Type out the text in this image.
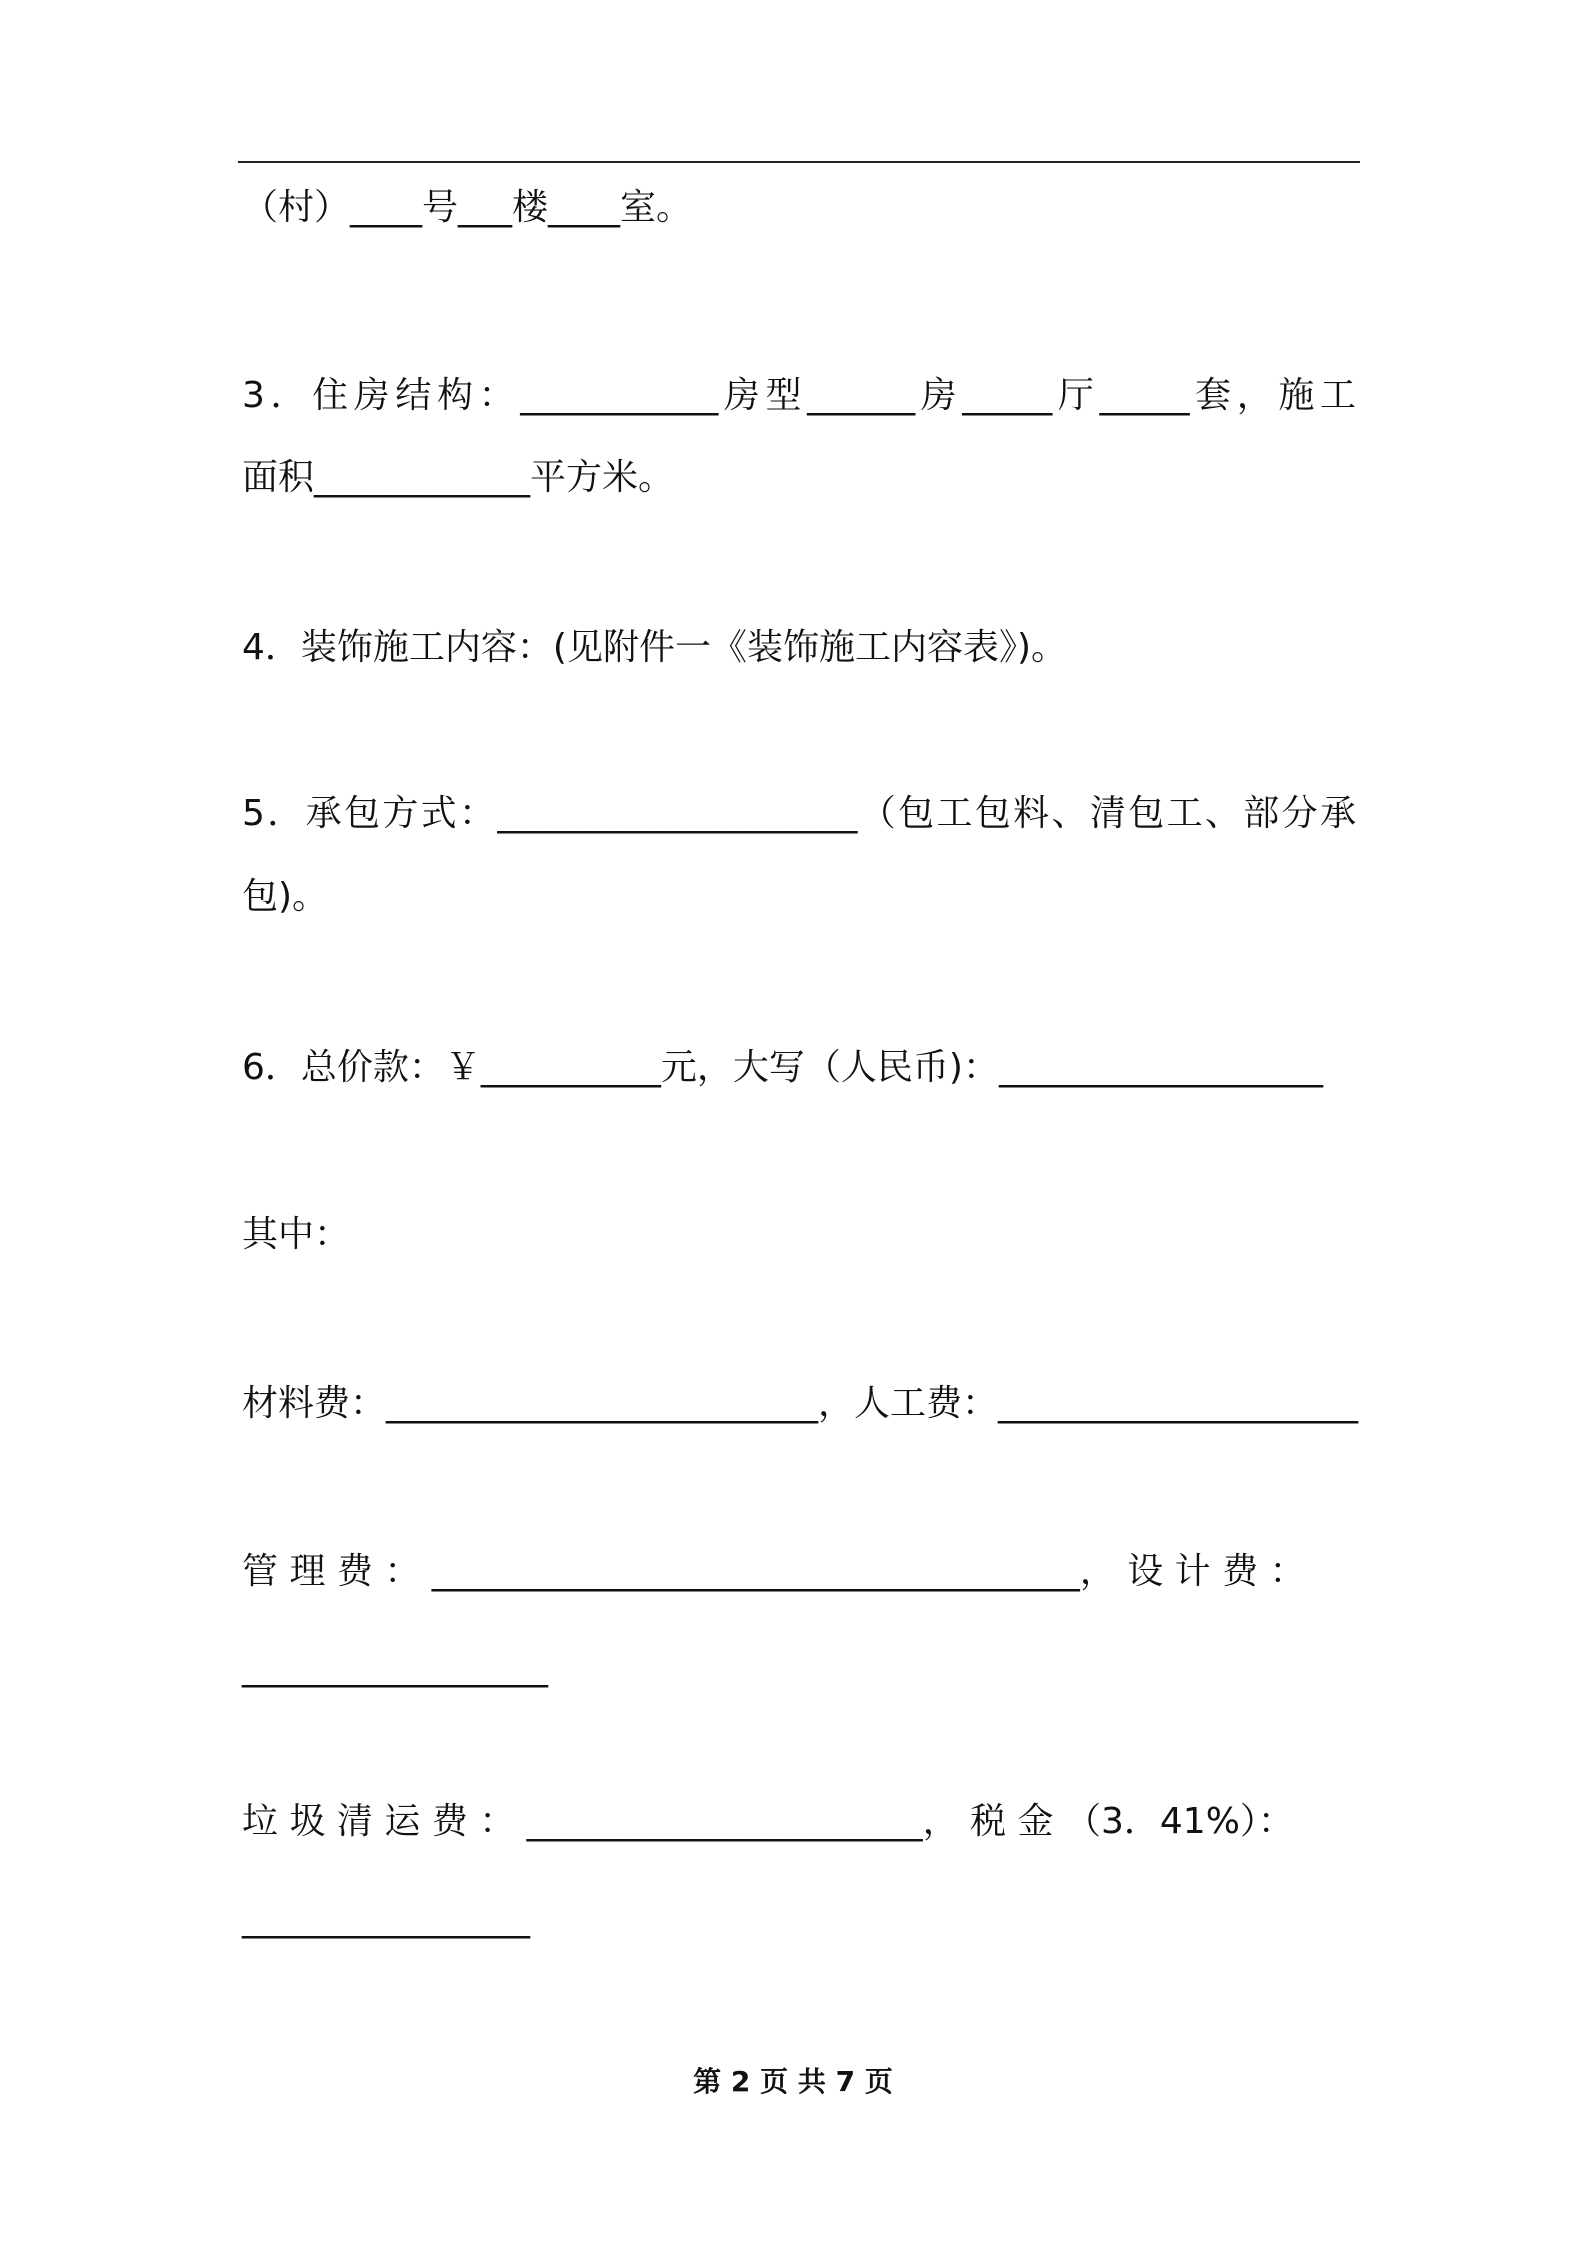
（村）____号___楼____室。

3．住房结构：___________房型______房_____厅_____套，施工

面积____________平方米。

4．装饰施工内容：(见附件一《装饰施工内容表》)。

5．承包方式：____________________（包工包料、清包工、部分承

包)。

6．总价款：￥__________元，大写（人民币)：__________________

其中：

材料费：________________________，人工费：____________________

管 理 费 ： ____________________________________， 设 计 费 ：

_________________

垃 圾 清 运 费 ： ______________________， 税 金 （3．41%）：

________________

第 2 页 共 7 页
